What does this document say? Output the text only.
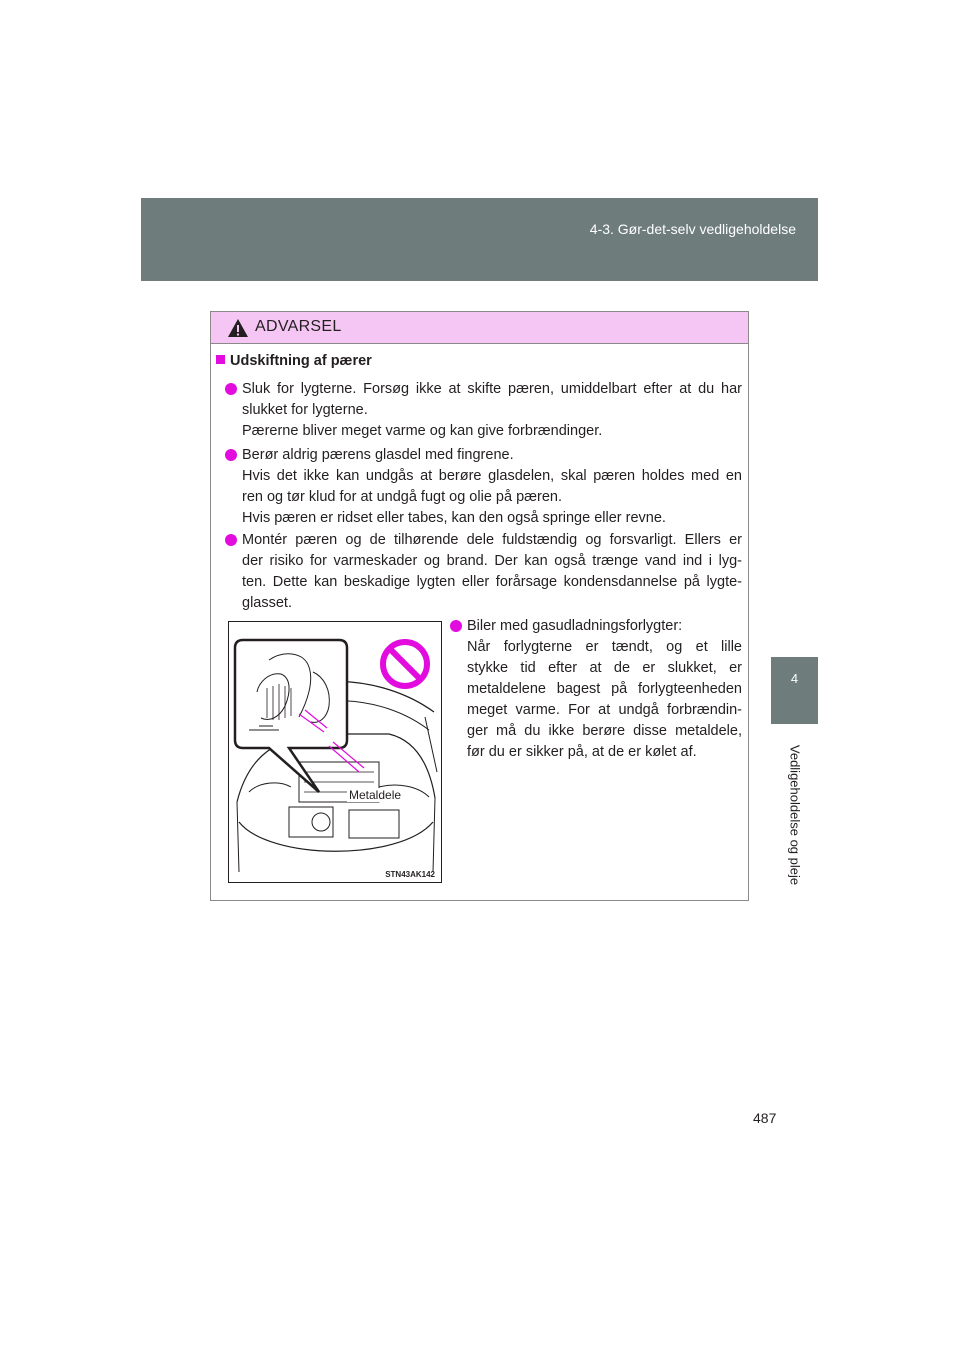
4-3. Gør-det-selv vedligeholdelse
4
Vedligeholdelse og pleje
ADVARSEL
Udskiftning af pærer
Sluk for lygterne. Forsøg ikke at skifte pæren, umiddelbart efter at du har
slukket for lygterne.
Pærerne bliver meget varme og kan give forbrændinger.
Berør aldrig pærens glasdel med fingrene.
Hvis det ikke kan undgås at berøre glasdelen, skal pæren holdes med en
ren og tør klud for at undgå fugt og olie på pæren.
Hvis pæren er ridset eller tabes, kan den også springe eller revne.
Montér pæren og de tilhørende dele fuldstændig og forsvarligt. Ellers er
der risiko for varmeskader og brand. Der kan også trænge vand ind i lyg-
ten. Dette kan beskadige lygten eller forårsage kondensdannelse på lygte-
glasset.
Metaldele
STN43AK142
Biler med gasudladningsforlygter:
Når forlygterne er tændt, og et lille
stykke tid efter at de er slukket, er
metaldelene bagest på forlygteenheden
meget varme. For at undgå forbrændin-
ger må du ikke berøre disse metaldele,
før du er sikker på, at de er kølet af.
487
